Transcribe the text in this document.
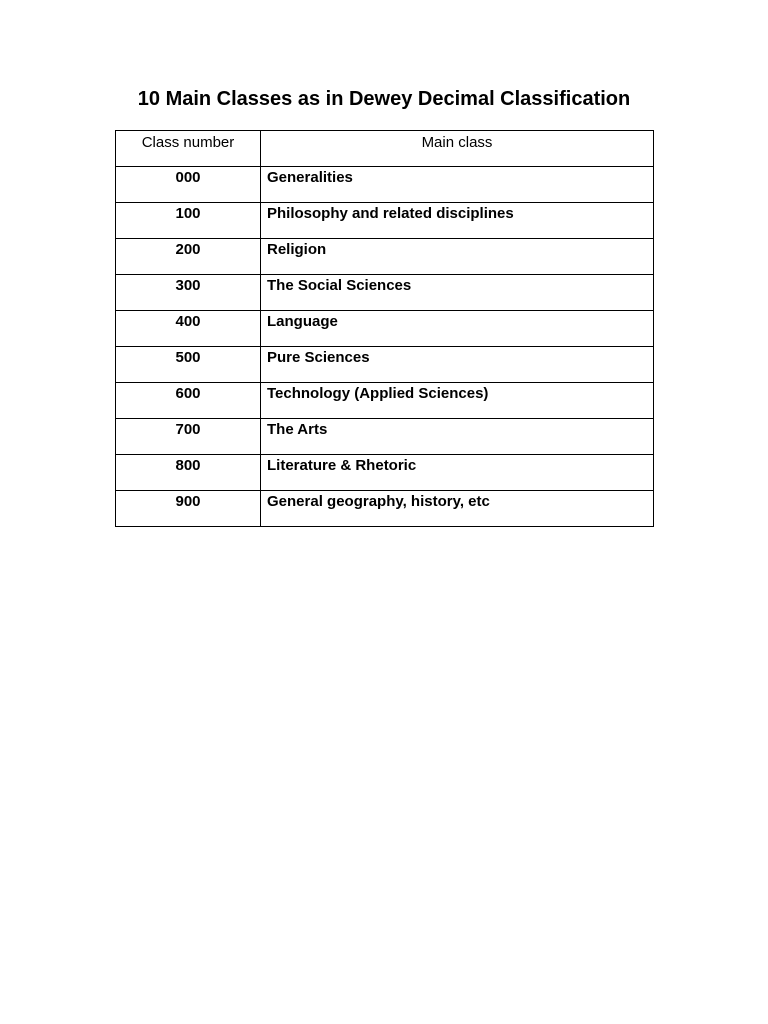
10 Main Classes as in Dewey Decimal Classification
Class number	Main class
000	Generalities
100	Philosophy and related disciplines
200	Religion
300	The Social Sciences
400	Language
500	Pure Sciences
600	Technology (Applied Sciences)
700	The Arts
800	Literature & Rhetoric
900	General geography, history, etc
